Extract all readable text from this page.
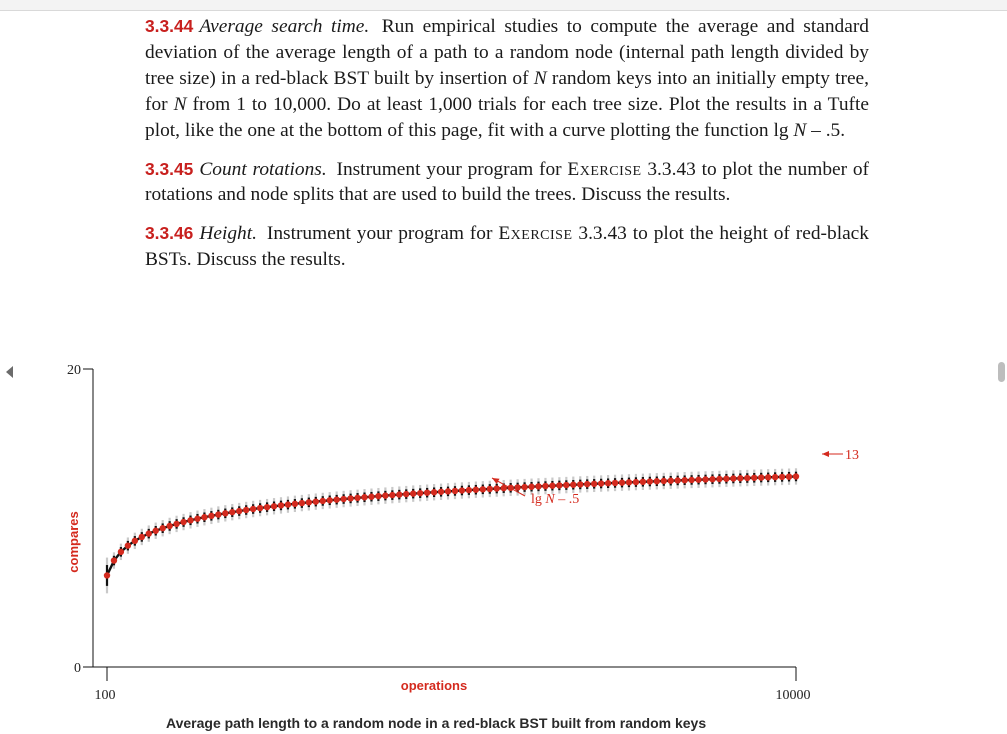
3.3.44 Average search time. Run empirical studies to compute the average and standard deviation of the average length of a path to a random node (internal path length divided by tree size) in a red-black BST built by insertion of N random keys into an initially empty tree, for N from 1 to 10,000. Do at least 1,000 trials for each tree size. Plot the results in a Tufte plot, like the one at the bottom of this page, fit with a curve plotting the function lg N – .5.

3.3.45 Count rotations. Instrument your program for Exercise 3.3.43 to plot the number of rotations and node splits that are used to build the trees. Discuss the results.

3.3.46 Height. Instrument your program for Exercise 3.3.43 to plot the height of red-black BSTs. Discuss the results.

20
0
100	10000
operations
compares
lg N – .5
13
Average path length to a random node in a red-black BST built from random keys
